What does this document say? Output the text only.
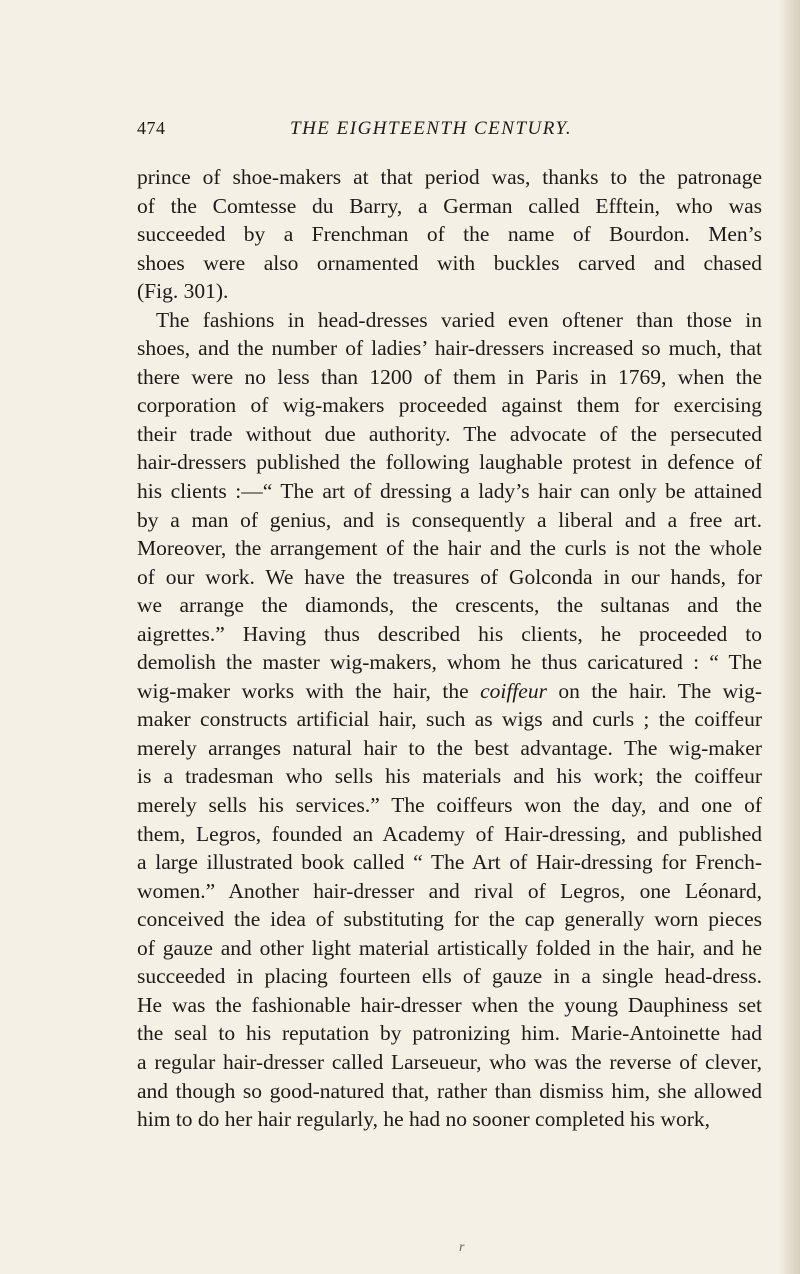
474	THE EIGHTEENTH CENTURY.
prince of shoe-makers at that period was, thanks to the patronage
of the Comtesse du Barry, a German called Efftein, who was
succeeded by a Frenchman of the name of Bourdon. Men’s
shoes were also ornamented with buckles carved and chased
(Fig. 301).
The fashions in head-dresses varied even oftener than those in
shoes, and the number of ladies’ hair-dressers increased so much, that
there were no less than 1200 of them in Paris in 1769, when the
corporation of wig-makers proceeded against them for exercising
their trade without due authority. The advocate of the persecuted
hair-dressers published the following laughable protest in defence of
his clients :—“ The art of dressing a lady’s hair can only be attained
by a man of genius, and is consequently a liberal and a free art.
Moreover, the arrangement of the hair and the curls is not the whole
of our work. We have the treasures of Golconda in our hands, for
we arrange the diamonds, the crescents, the sultanas and the
aigrettes.” Having thus described his clients, he proceeded to
demolish the master wig-makers, whom he thus caricatured : “ The
wig-maker works with the hair, the coiffeur on the hair. The wig-
maker constructs artificial hair, such as wigs and curls ; the coiffeur
merely arranges natural hair to the best advantage. The wig-maker
is a tradesman who sells his materials and his work; the coiffeur
merely sells his services.” The coiffeurs won the day, and one of
them, Legros, founded an Academy of Hair-dressing, and published
a large illustrated book called “ The Art of Hair-dressing for French-
women.” Another hair-dresser and rival of Legros, one Léonard,
conceived the idea of substituting for the cap generally worn pieces
of gauze and other light material artistically folded in the hair, and he
succeeded in placing fourteen ells of gauze in a single head-dress.
He was the fashionable hair-dresser when the young Dauphiness set
the seal to his reputation by patronizing him. Marie-Antoinette had
a regular hair-dresser called Larseueur, who was the reverse of clever,
and though so good-natured that, rather than dismiss him, she allowed
him to do her hair regularly, he had no sooner completed his work,
r
